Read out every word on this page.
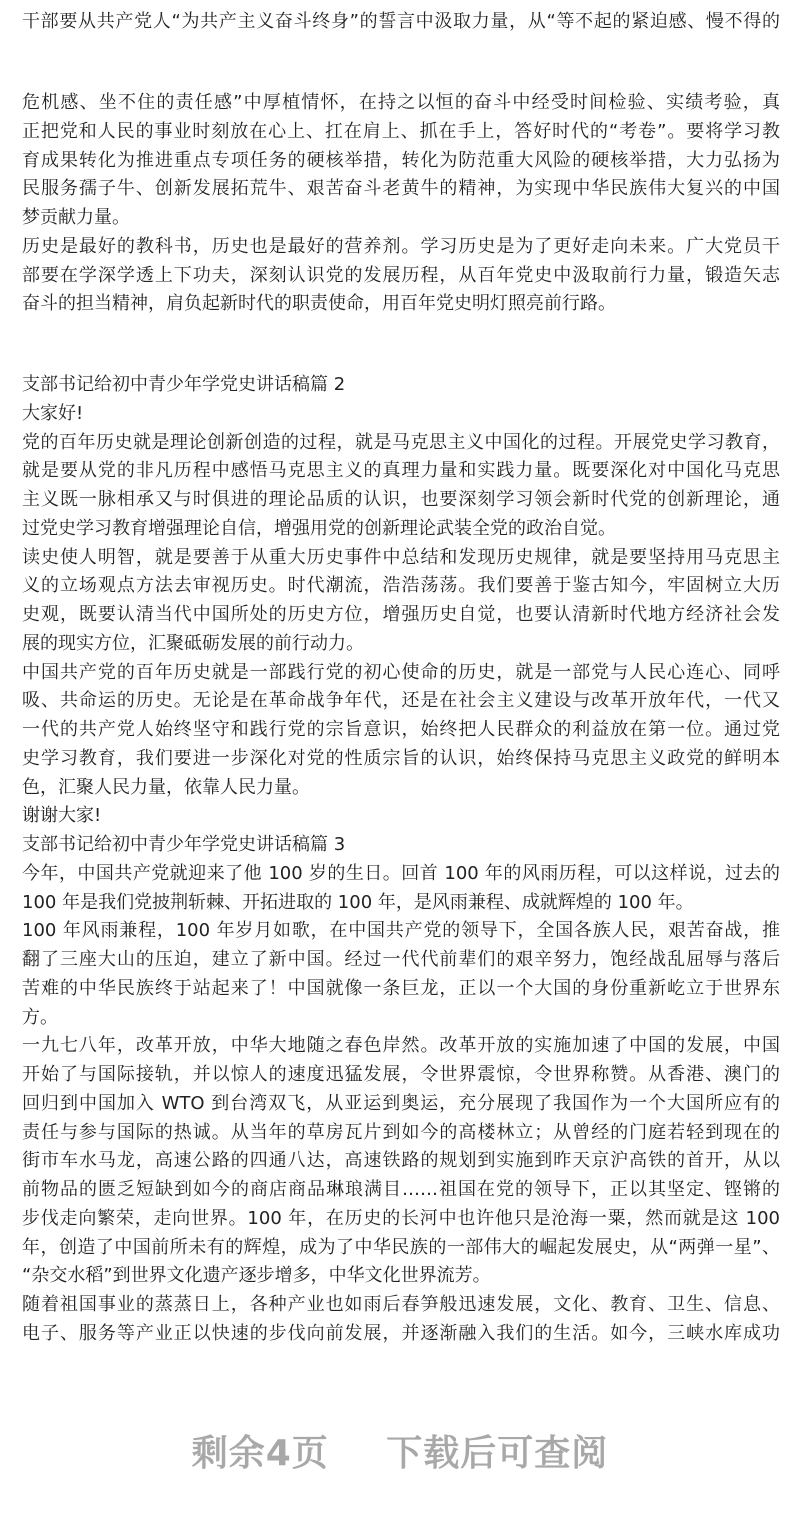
干部要从共产党人“为共产主义奋斗终身”的誓言中汲取力量，从“等不起的紧迫感、慢不得的
危机感、坐不住的责任感”中厚植情怀，在持之以恒的奋斗中经受时间检验、实绩考验，真
正把党和人民的事业时刻放在心上、扛在肩上、抓在手上，答好时代的“考卷”。要将学习教
育成果转化为推进重点专项任务的硬核举措，转化为防范重大风险的硬核举措，大力弘扬为
民服务孺子牛、创新发展拓荒牛、艰苦奋斗老黄牛的精神，为实现中华民族伟大复兴的中国
梦贡献力量。
历史是最好的教科书，历史也是最好的营养剂。学习历史是为了更好走向未来。广大党员干
部要在学深学透上下功夫，深刻认识党的发展历程，从百年党史中汲取前行力量，锻造矢志
奋斗的担当精神，肩负起新时代的职责使命，用百年党史明灯照亮前行路。
支部书记给初中青少年学党史讲话稿篇 2
大家好!
党的百年历史就是理论创新创造的过程，就是马克思主义中国化的过程。开展党史学习教育，
就是要从党的非凡历程中感悟马克思主义的真理力量和实践力量。既要深化对中国化马克思
主义既一脉相承又与时俱进的理论品质的认识，也要深刻学习领会新时代党的创新理论，通
过党史学习教育增强理论自信，增强用党的创新理论武装全党的政治自觉。
读史使人明智，就是要善于从重大历史事件中总结和发现历史规律，就是要坚持用马克思主
义的立场观点方法去审视历史。时代潮流，浩浩荡荡。我们要善于鉴古知今，牢固树立大历
史观，既要认清当代中国所处的历史方位，增强历史自觉，也要认清新时代地方经济社会发
展的现实方位，汇聚砥砺发展的前行动力。
中国共产党的百年历史就是一部践行党的初心使命的历史，就是一部党与人民心连心、同呼
吸、共命运的历史。无论是在革命战争年代，还是在社会主义建设与改革开放年代，一代又
一代的共产党人始终坚守和践行党的宗旨意识，始终把人民群众的利益放在第一位。通过党
史学习教育，我们要进一步深化对党的性质宗旨的认识，始终保持马克思主义政党的鲜明本
色，汇聚人民力量，依靠人民力量。
谢谢大家!
支部书记给初中青少年学党史讲话稿篇 3
今年，中国共产党就迎来了他 100 岁的生日。回首 100 年的风雨历程，可以这样说，过去的
100 年是我们党披荆斩棘、开拓进取的 100 年，是风雨兼程、成就辉煌的 100 年。
100 年风雨兼程，100 年岁月如歌，在中国共产党的领导下，全国各族人民，艰苦奋战，推
翻了三座大山的压迫，建立了新中国。经过一代代前辈们的艰辛努力，饱经战乱屈辱与落后
苦难的中华民族终于站起来了！中国就像一条巨龙，正以一个大国的身份重新屹立于世界东
方。
一九七八年，改革开放，中华大地随之春色岸然。改革开放的实施加速了中国的发展，中国
开始了与国际接轨，并以惊人的速度迅猛发展，令世界震惊，令世界称赞。从香港、澳门的
回归到中国加入 WTO 到台湾双飞，从亚运到奥运，充分展现了我国作为一个大国所应有的
责任与参与国际的热诚。从当年的草房瓦片到如今的高楼林立；从曾经的门庭若轻到现在的
街市车水马龙，高速公路的四通八达，高速铁路的规划到实施到昨天京沪高铁的首开，从以
前物品的匮乏短缺到如今的商店商品琳琅满目……祖国在党的领导下，正以其坚定、铿锵的
步伐走向繁荣，走向世界。100 年，在历史的长河中也许他只是沧海一粟，然而就是这 100
年，创造了中国前所未有的辉煌，成为了中华民族的一部伟大的崛起发展史，从“两弹一星”、
“杂交水稻”到世界文化遗产逐步增多，中华文化世界流芳。
随着祖国事业的蒸蒸日上，各种产业也如雨后春笋般迅速发展，文化、教育、卫生、信息、
电子、服务等产业正以快速的步伐向前发展，并逐渐融入我们的生活。如今，三峡水库成功
剩余4页 下载后可查阅
